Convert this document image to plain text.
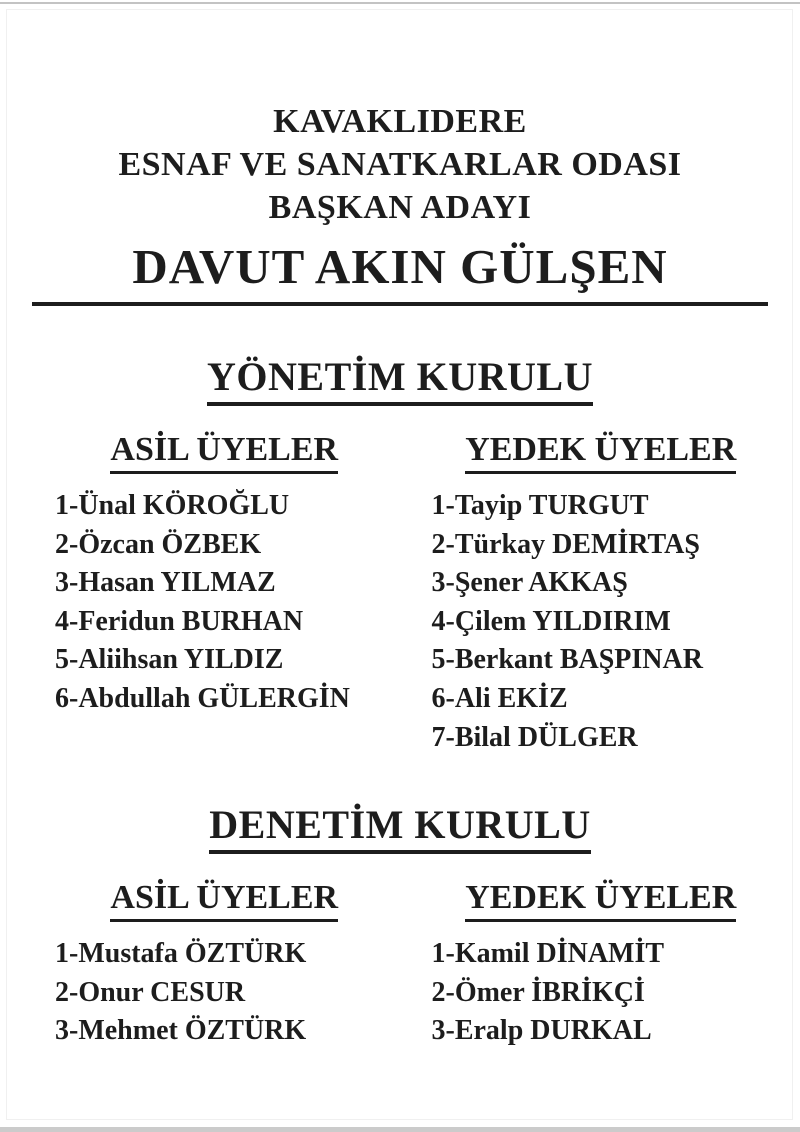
KAVAKLIDERE
ESNAF VE SANATKARLAR ODASI
BAŞKAN ADAYI
DAVUT AKIN GÜLŞEN
YÖNETİM KURULU
ASİL ÜYELER
1-Ünal KÖROĞLU
2-Özcan ÖZBEK
3-Hasan YILMAZ
4-Feridun BURHAN
5-Aliihsan YILDIZ
6-Abdullah GÜLERGİN
YEDEK ÜYELER
1-Tayip TURGUT
2-Türkay DEMİRTAŞ
3-Şener AKKAŞ
4-Çilem YILDIRIM
5-Berkant BAŞPINAR
6-Ali EKİZ
7-Bilal DÜLGER
DENETİM KURULU
ASİL ÜYELER
1-Mustafa ÖZTÜRK
2-Onur CESUR
3-Mehmet ÖZTÜRK
YEDEK ÜYELER
1-Kamil DİNAMİT
2-Ömer İBRİKÇİ
3-Eralp DURKAL
